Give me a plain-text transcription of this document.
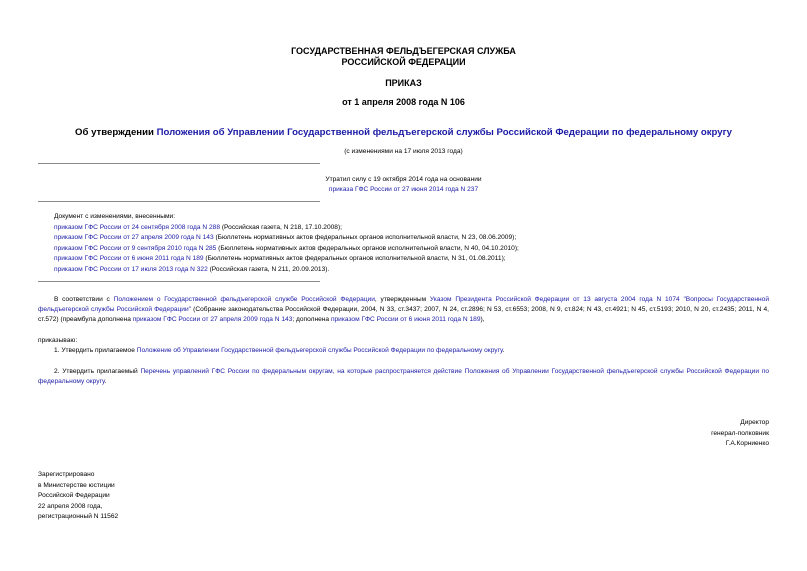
ГОСУДАРСТВЕННАЯ ФЕЛЬДЪЕГЕРСКАЯ СЛУЖБА
РОССИЙСКОЙ ФЕДЕРАЦИИ
ПРИКАЗ
от 1 апреля 2008 года N 106
Об утверждении Положения об Управлении Государственной фельдъегерской службы Российской Федерации по федеральному округу
(с изменениями на 17 июля 2013 года)
Утратил силу с 19 октября 2014 года на основании
приказа ГФС России от 27 июня 2014 года N 237
Документ с изменениями, внесенными:
приказом ГФС России от 24 сентября 2008 года N 288 (Российская газета, N 218, 17.10.2008);
приказом ГФС России от 27 апреля 2009 года N 143 (Бюллетень нормативных актов федеральных органов исполнительной власти, N 23, 08.06.2009);
приказом ГФС России от 9 сентября 2010 года N 285 (Бюллетень нормативных актов федеральных органов исполнительной власти, N 40, 04.10.2010);
приказом ГФС России от 6 июня 2011 года N 189 (Бюллетень нормативных актов федеральных органов исполнительной власти, N 31, 01.08.2011);
приказом ГФС России от 17 июля 2013 года N 322 (Российская газета, N 211, 20.09.2013).
В соответствии с Положением о Государственной фельдъегерской службе Российской Федерации, утвержденным Указом Президента Российской Федерации от 13 августа 2004 года N 1074 "Вопросы Государственной фельдъегерской службы Российской Федерации" (Собрание законодательства Российской Федерации, 2004, N 33, ст.3437; 2007, N 24, ст.2896; N 53, ст.6553; 2008, N 9, ст.824; N 43, ст.4921; N 45, ст.5193; 2010, N 20, ст.2435; 2011, N 4, ст.572) (преамбула дополнена приказом ГФС России от 27 апреля 2009 года N 143; дополнена приказом ГФС России от 6 июня 2011 года N 189),
приказываю:
1. Утвердить прилагаемое Положение об Управлении Государственной фельдъегерской службы Российской Федерации по федеральному округу.
2. Утвердить прилагаемый Перечень управлений ГФС России по федеральным округам, на которые распространяется действие Положения об Управлении Государственной фельдъегерской службы Российской Федерации по федеральному округу.
Директор
генерал-полковник
Г.А.Корниенко
Зарегистрировано
в Министерстве юстиции
Российской Федерации
22 апреля 2008 года,
регистрационный N 11562
